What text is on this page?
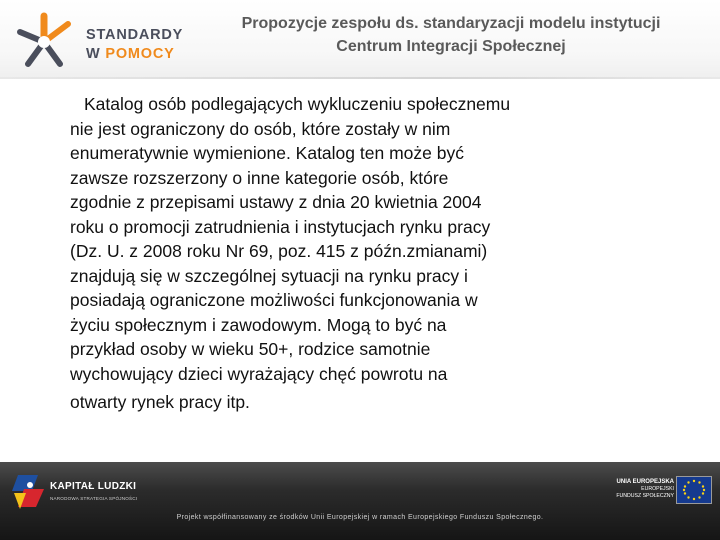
STANDARDY
W POMOCY
Propozycje zespołu ds. standaryzacji modelu instytucji
Centrum Integracji Społecznej
Katalog osób podlegających wykluczeniu społecznemu
nie jest ograniczony do osób, które zostały w nim
enumeratywnie wymienione. Katalog ten może być
zawsze rozszerzony o inne kategorie osób, które
zgodnie z przepisami ustawy z dnia 20 kwietnia 2004
roku o promocji zatrudnienia i instytucjach rynku pracy
(Dz. U. z 2008 roku Nr 69, poz. 415 z późn.zmianami)
znajdują się w szczególnej sytuacji na rynku pracy i
posiadają ograniczone możliwości funkcjonowania w
życiu społecznym i zawodowym. Mogą to być na
przykład osoby w wieku 50+, rodzice samotnie
wychowujący dzieci wyrażający chęć powrotu na
otwarty rynek pracy itp.
KAPITAŁ LUDZKI
NARODOWA STRATEGIA SPÓJNOŚCI
UNIA EUROPEJSKA
EUROPEJSKI
FUNDUSZ SPOŁECZNY
Projekt współfinansowany ze środków Unii Europejskiej w ramach Europejskiego Funduszu Społecznego.
